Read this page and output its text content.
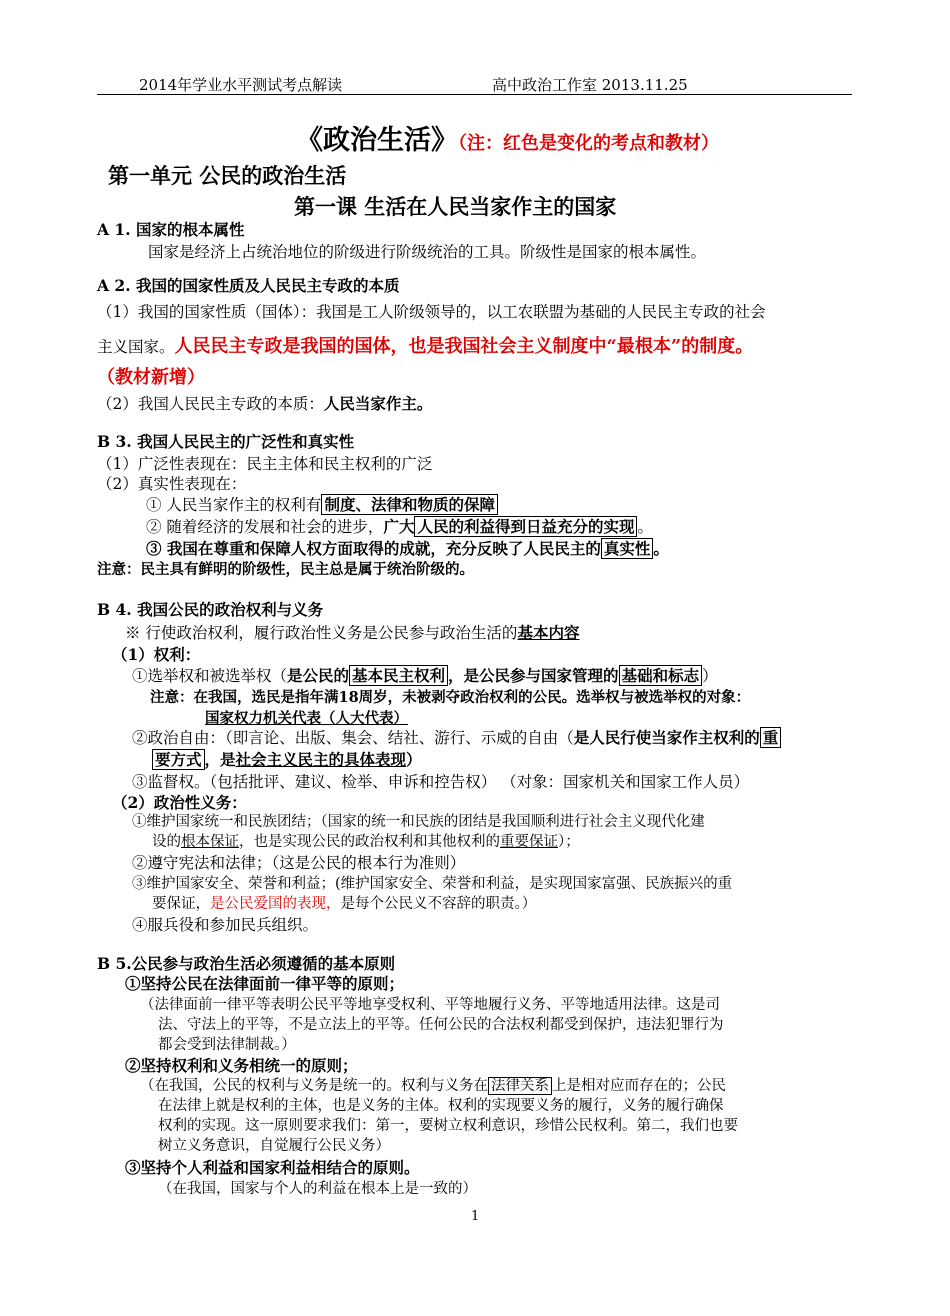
2014年学业水平测试考点解读	高中政治工作室 2013.11.25
《政治生活》（注：红色是变化的考点和教材）
第一单元 公民的政治生活
第一课 生活在人民当家作主的国家
A 1. 国家的根本属性
国家是经济上占统治地位的阶级进行阶级统治的工具。阶级性是国家的根本属性。
A 2. 我国的国家性质及人民民主专政的本质
（1）我国的国家性质（国体）：我国是工人阶级领导的，以工农联盟为基础的人民民主专政的社会
主义国家。人民民主专政是我国的国体，也是我国社会主义制度中“最根本”的制度。
（教材新增）
（2）我国人民民主专政的本质：人民当家作主。
B 3. 我国人民民主的广泛性和真实性
（1）广泛性表现在：民主主体和民主权利的广泛
（2）真实性表现在：
① 人民当家作主的权利有 制度、法律和物质的保障
② 随着经济的发展和社会的进步，广大 人民的利益得到日益充分的实现 。
③ 我国在尊重和保障人权方面取得的成就，充分反映了人民民主的 真实性 。
注意：民主具有鲜明的阶级性，民主总是属于统治阶级的。
B 4. 我国公民的政治权利与义务
※ 行使政治权利，履行政治性义务是公民参与政治生活的基本内容
（1）权利：
①选举权和被选举权（是公民的 基本民主权利 ，是公民参与国家管理的 基础和标志 ）
注意：在我国，选民是指年满18周岁，未被剥夺政治权利的公民。选举权与被选举权的对象：
国家权力机关代表（人大代表）
②政治自由：（即言论、出版、集会、结社、游行、示威的自由（是人民行使当家作主权利的 重
要方式 ，是社会主义民主的具体表现）
③监督权。（包括批评、建议、检举、申诉和控告权） （对象：国家机关和国家工作人员）
（2）政治性义务：
①维护国家统一和民族团结；（国家的统一和民族的团结是我国顺利进行社会主义现代化建
设的根本保证，也是实现公民的政治权利和其他权利的重要保证）；
②遵守宪法和法律；（这是公民的根本行为准则）
③维护国家安全、荣誉和利益；(维护国家安全、荣誉和利益，是实现国家富强、民族振兴的重
要保证，是公民爱国的表现，是每个公民义不容辞的职责。）
④服兵役和参加民兵组织。
B 5.公民参与政治生活必须遵循的基本原则
①坚持公民在法律面前一律平等的原则；
（法律面前一律平等表明公民平等地享受权利、平等地履行义务、平等地适用法律。这是司
法、守法上的平等，不是立法上的平等。任何公民的合法权利都受到保护，违法犯罪行为
都会受到法律制裁。）
②坚持权利和义务相统一的原则；
（在我国，公民的权利与义务是统一的。权利与义务在 法律关系 上是相对应而存在的；公民
在法律上就是权利的主体，也是义务的主体。权利的实现要义务的履行，义务的履行确保
权利的实现。这一原则要求我们：第一，要树立权利意识，珍惜公民权利。第二，我们也要
树立义务意识，自觉履行公民义务）
③坚持个人利益和国家利益相结合的原则。
（在我国，国家与个人的利益在根本上是一致的）
1
